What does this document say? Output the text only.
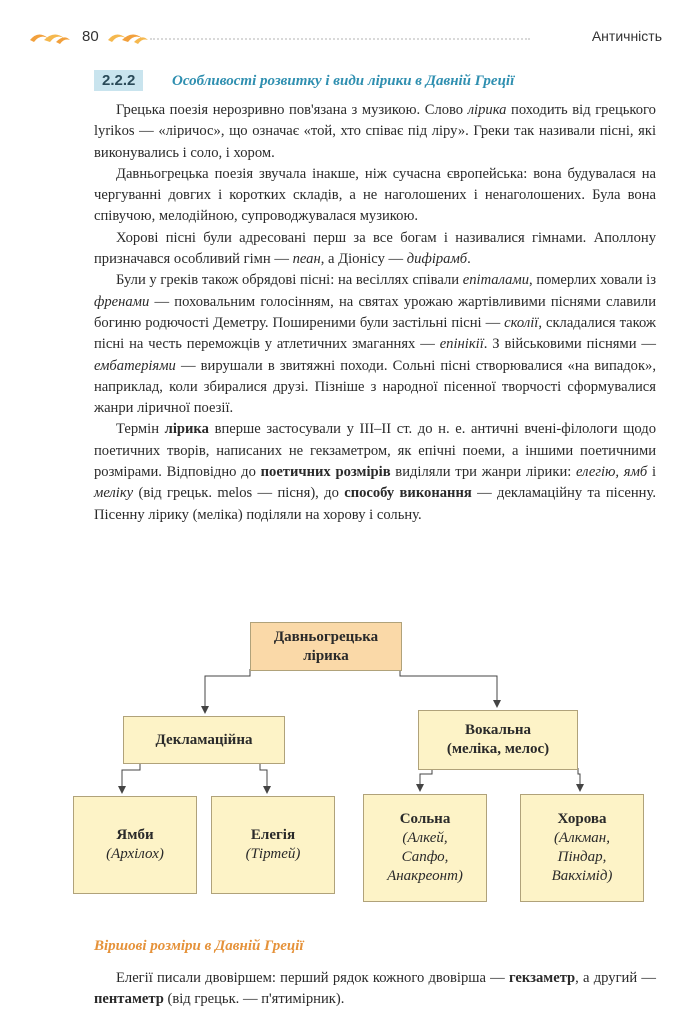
80	Античність
2.2.2	Особливості розвитку і види лірики в Давній Греції

Грецька поезія нерозривно пов'язана з музикою. Слово лірика походить від грецького lyrikos — «ліричос», що означає «той, хто співає під ліру». Греки так називали пісні, які виконувались і соло, і хором.

Давньогрецька поезія звучала інакше, ніж сучасна європейська: вона будувалася на чергуванні довгих і коротких складів, а не наголошених і ненаголошених. Була вона співучою, мелодійною, супроводжувалася музикою.

Хорові пісні були адресовані перш за все богам і називалися гімнами. Аполлону призначався особливий гімн — пеан, а Діонісу — дифірамб.

Були у греків також обрядові пісні: на весіллях співали епіталами, померлих ховали із френами — поховальним голосінням, на святах урожаю жартівливими піснями славили богиню родючості Деметру. Поширеними були застільні пісні — сколії, складалися також пісні на честь переможців у атлетичних змаганнях — епінікії. З військовими піснями — ембатеріями — вирушали в звитяжні походи. Сольні пісні створювалися «на випадок», наприклад, коли збиралися друзі. Пізніше з народної пісенної творчості сформувалися жанри ліричної поезії.

Термін лірика вперше застосували у III–II ст. до н. е. античні вчені-філологи щодо поетичних творів, написаних не гекзаметром, як епічні поеми, а іншими поетичними розмірами. Відповідно до поетичних розмірів виділяли три жанри лірики: елегію, ямб і меліку (від грецьк. melos — пісня), до способу виконання — декламаційну та пісенну. Пісенну лірику (меліка) поділяли на хорову і сольну.

Давньогрецька
лірика
Декламаційна
Вокальна
(меліка, мелос)
Ямби
(Архілох)
Елегія
(Тіртей)
Сольна
(Алкей,
Сапфо,
Анакреонт)
Хорова
(Алкман,
Піндар,
Вакхімід)
Віршові розміри в Давній Греції

Елегії писали двовіршем: перший рядок кожного двовірша — гекзаметр, а другий — пентаметр (від грецьк. — п'ятимірник).
